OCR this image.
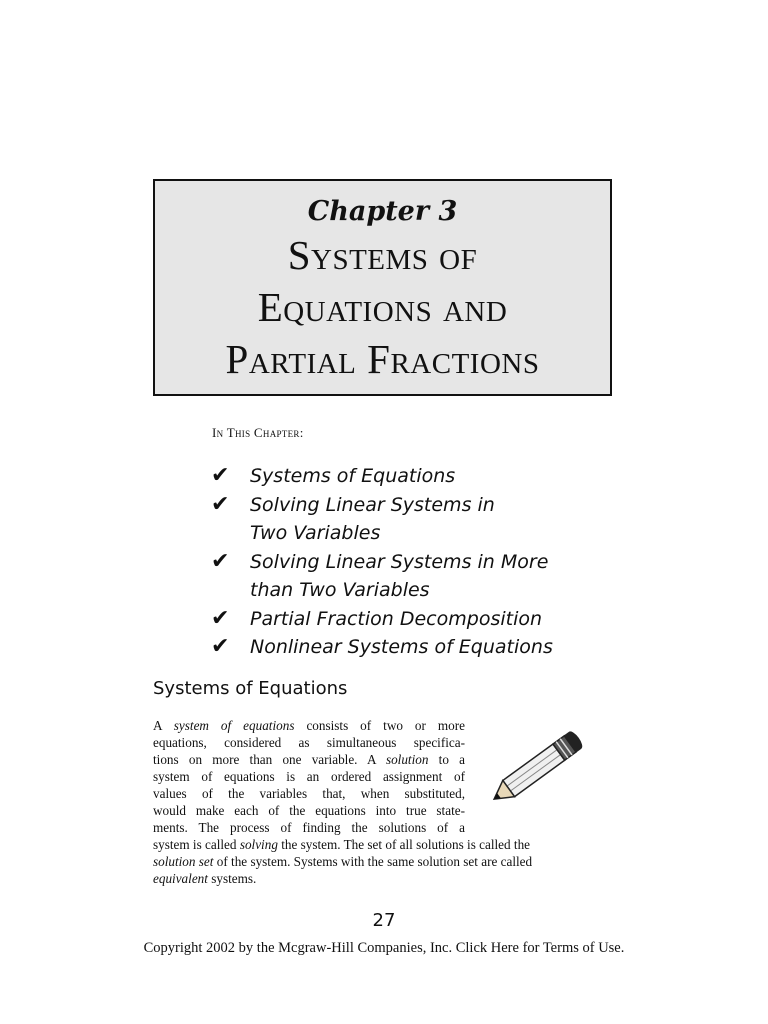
Chapter 3
Systems of
Equations and
Partial Fractions
In This Chapter:
✔ Systems of Equations
✔ Solving Linear Systems in
Two Variables
✔ Solving Linear Systems in More
than Two Variables
✔ Partial Fraction Decomposition
✔ Nonlinear Systems of Equations
Systems of Equations

A system of equations consists of two or more
equations, considered as simultaneous specifica-
tions on more than one variable. A solution to a
system of equations is an ordered assignment of
values of the variables that, when substituted,
would make each of the equations into true state-
ments. The process of finding the solutions of a
system is called solving the system. The set of all solutions is called the
solution set of the system. Systems with the same solution set are called
equivalent systems.

27
Copyright 2002 by the Mcgraw-Hill Companies, Inc. Click Here for Terms of Use.
